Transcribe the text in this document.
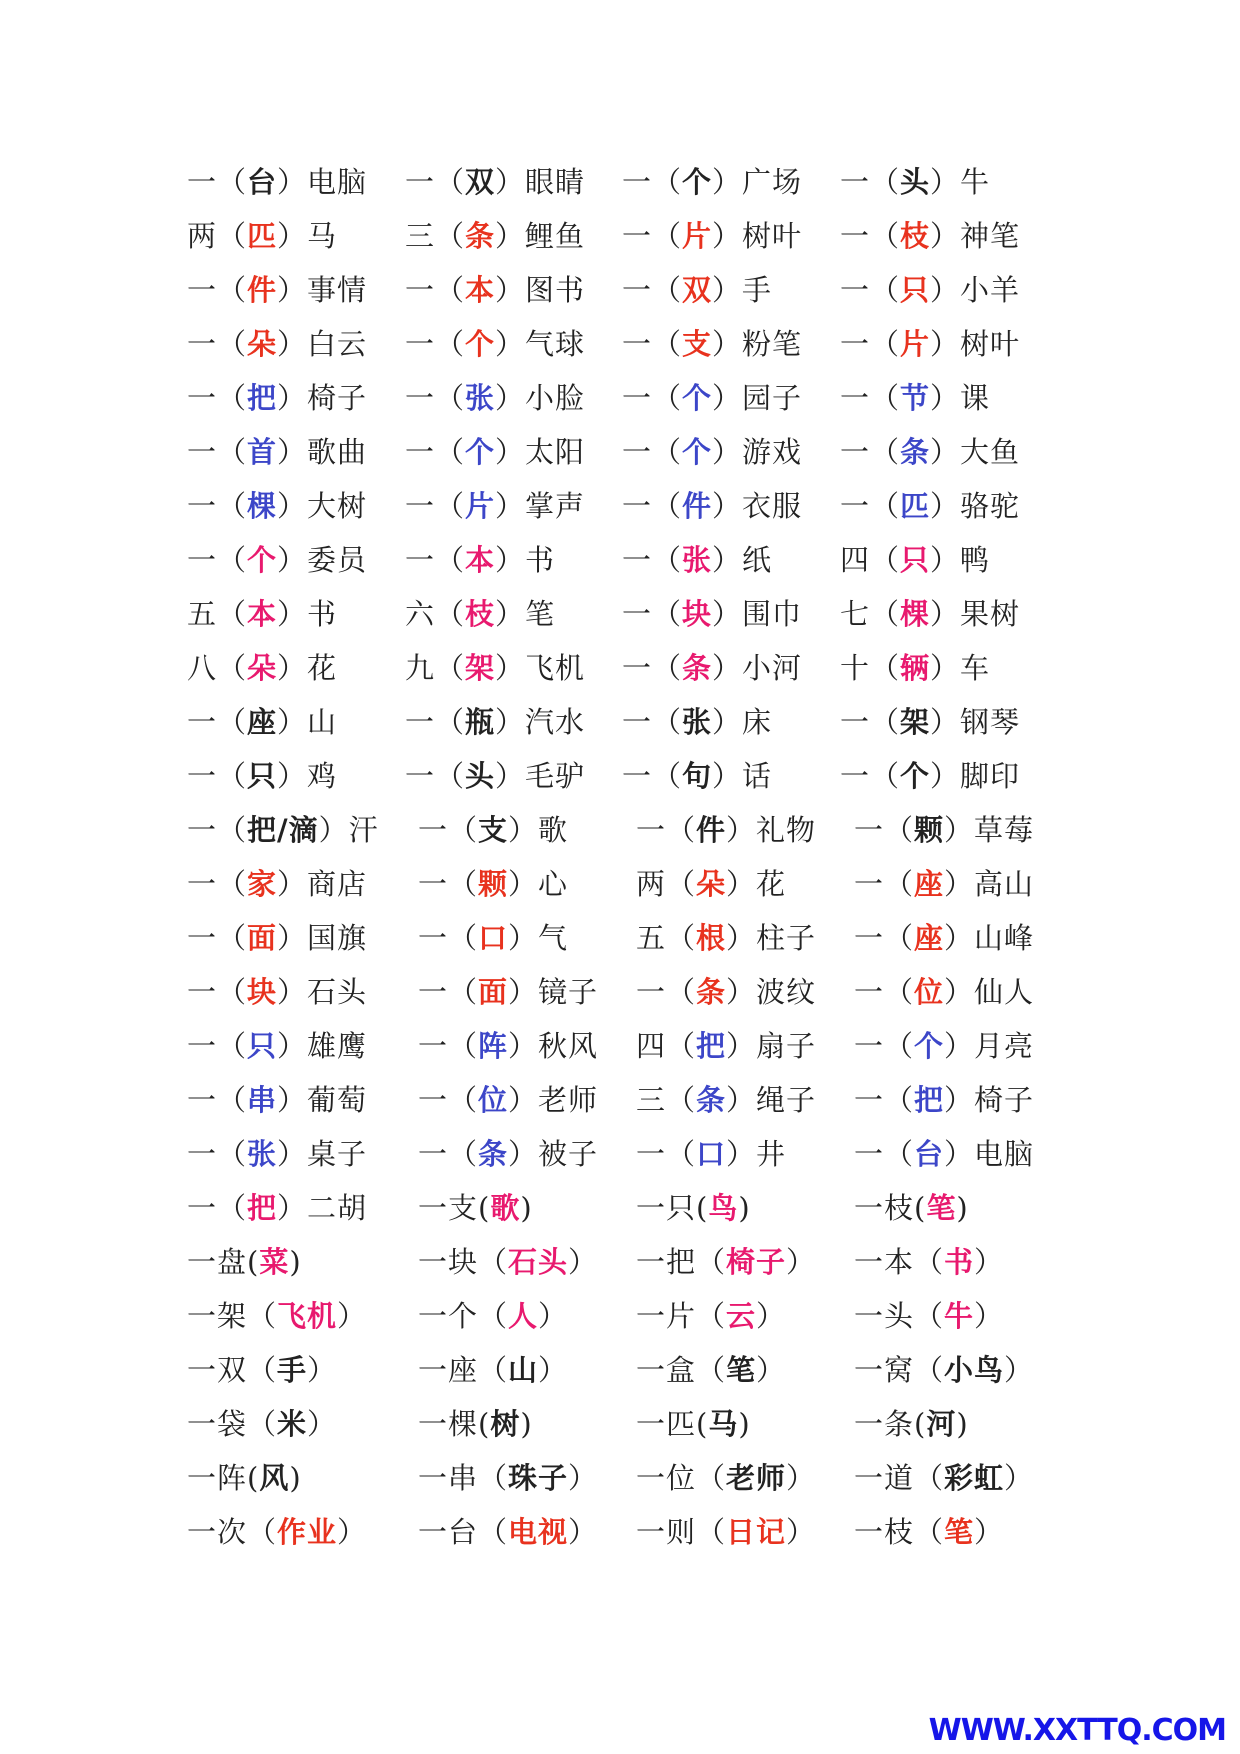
一（台）电脑 一（双）眼睛 一（个）广场 一（头）牛
两（匹）马 三（条）鲤鱼 一（片）树叶 一（枝）神笔
一（件）事情 一（本）图书 一（双）手 一（只）小羊
一（朵）白云 一（个）气球 一（支）粉笔 一（片）树叶
一（把）椅子 一（张）小脸 一（个）园子 一（节）课
一（首）歌曲 一（个）太阳 一（个）游戏 一（条）大鱼
一（棵）大树 一（片）掌声 一（件）衣服 一（匹）骆驼
一（个）委员 一（本）书 一（张）纸 四（只）鸭
五（本）书 六（枝）笔 一（块）围巾 七（棵）果树
八（朵）花 九（架）飞机 一（条）小河 十（辆）车
一（座）山 一（瓶）汽水 一（张）床 一（架）钢琴
一（只）鸡 一（头）毛驴 一（句）话 一（个）脚印
一（把/滴）汗 一（支）歌 一（件）礼物 一（颗）草莓
一（家）商店 一（颗）心 两（朵）花 一（座）高山
一（面）国旗 一（口）气 五（根）柱子 一（座）山峰
一（块）石头 一（面）镜子 一（条）波纹 一（位）仙人
一（只）雄鹰 一（阵）秋风 四（把）扇子 一（个）月亮
一（串）葡萄 一（位）老师 三（条）绳子 一（把）椅子
一（张）桌子 一（条）被子 一（口）井 一（台）电脑
一（把）二胡 一支(歌)	一只(鸟)	一枝(笔)
一盘(菜)	一块（石头） 一把（椅子） 一本（书）
一架（飞机） 一个（人） 一片（云） 一头（牛）
一双（手）	一座（山） 一盒（笔） 一窝（小鸟）
一袋（米）	一棵(树)	一匹(马)	一条(河)
一阵(风)	一串（珠子） 一位（老师） 一道（彩虹）
一次（作业） 一台（电视） 一则（日记） 一枝（笔）
WWW.XXTTQ.COM
